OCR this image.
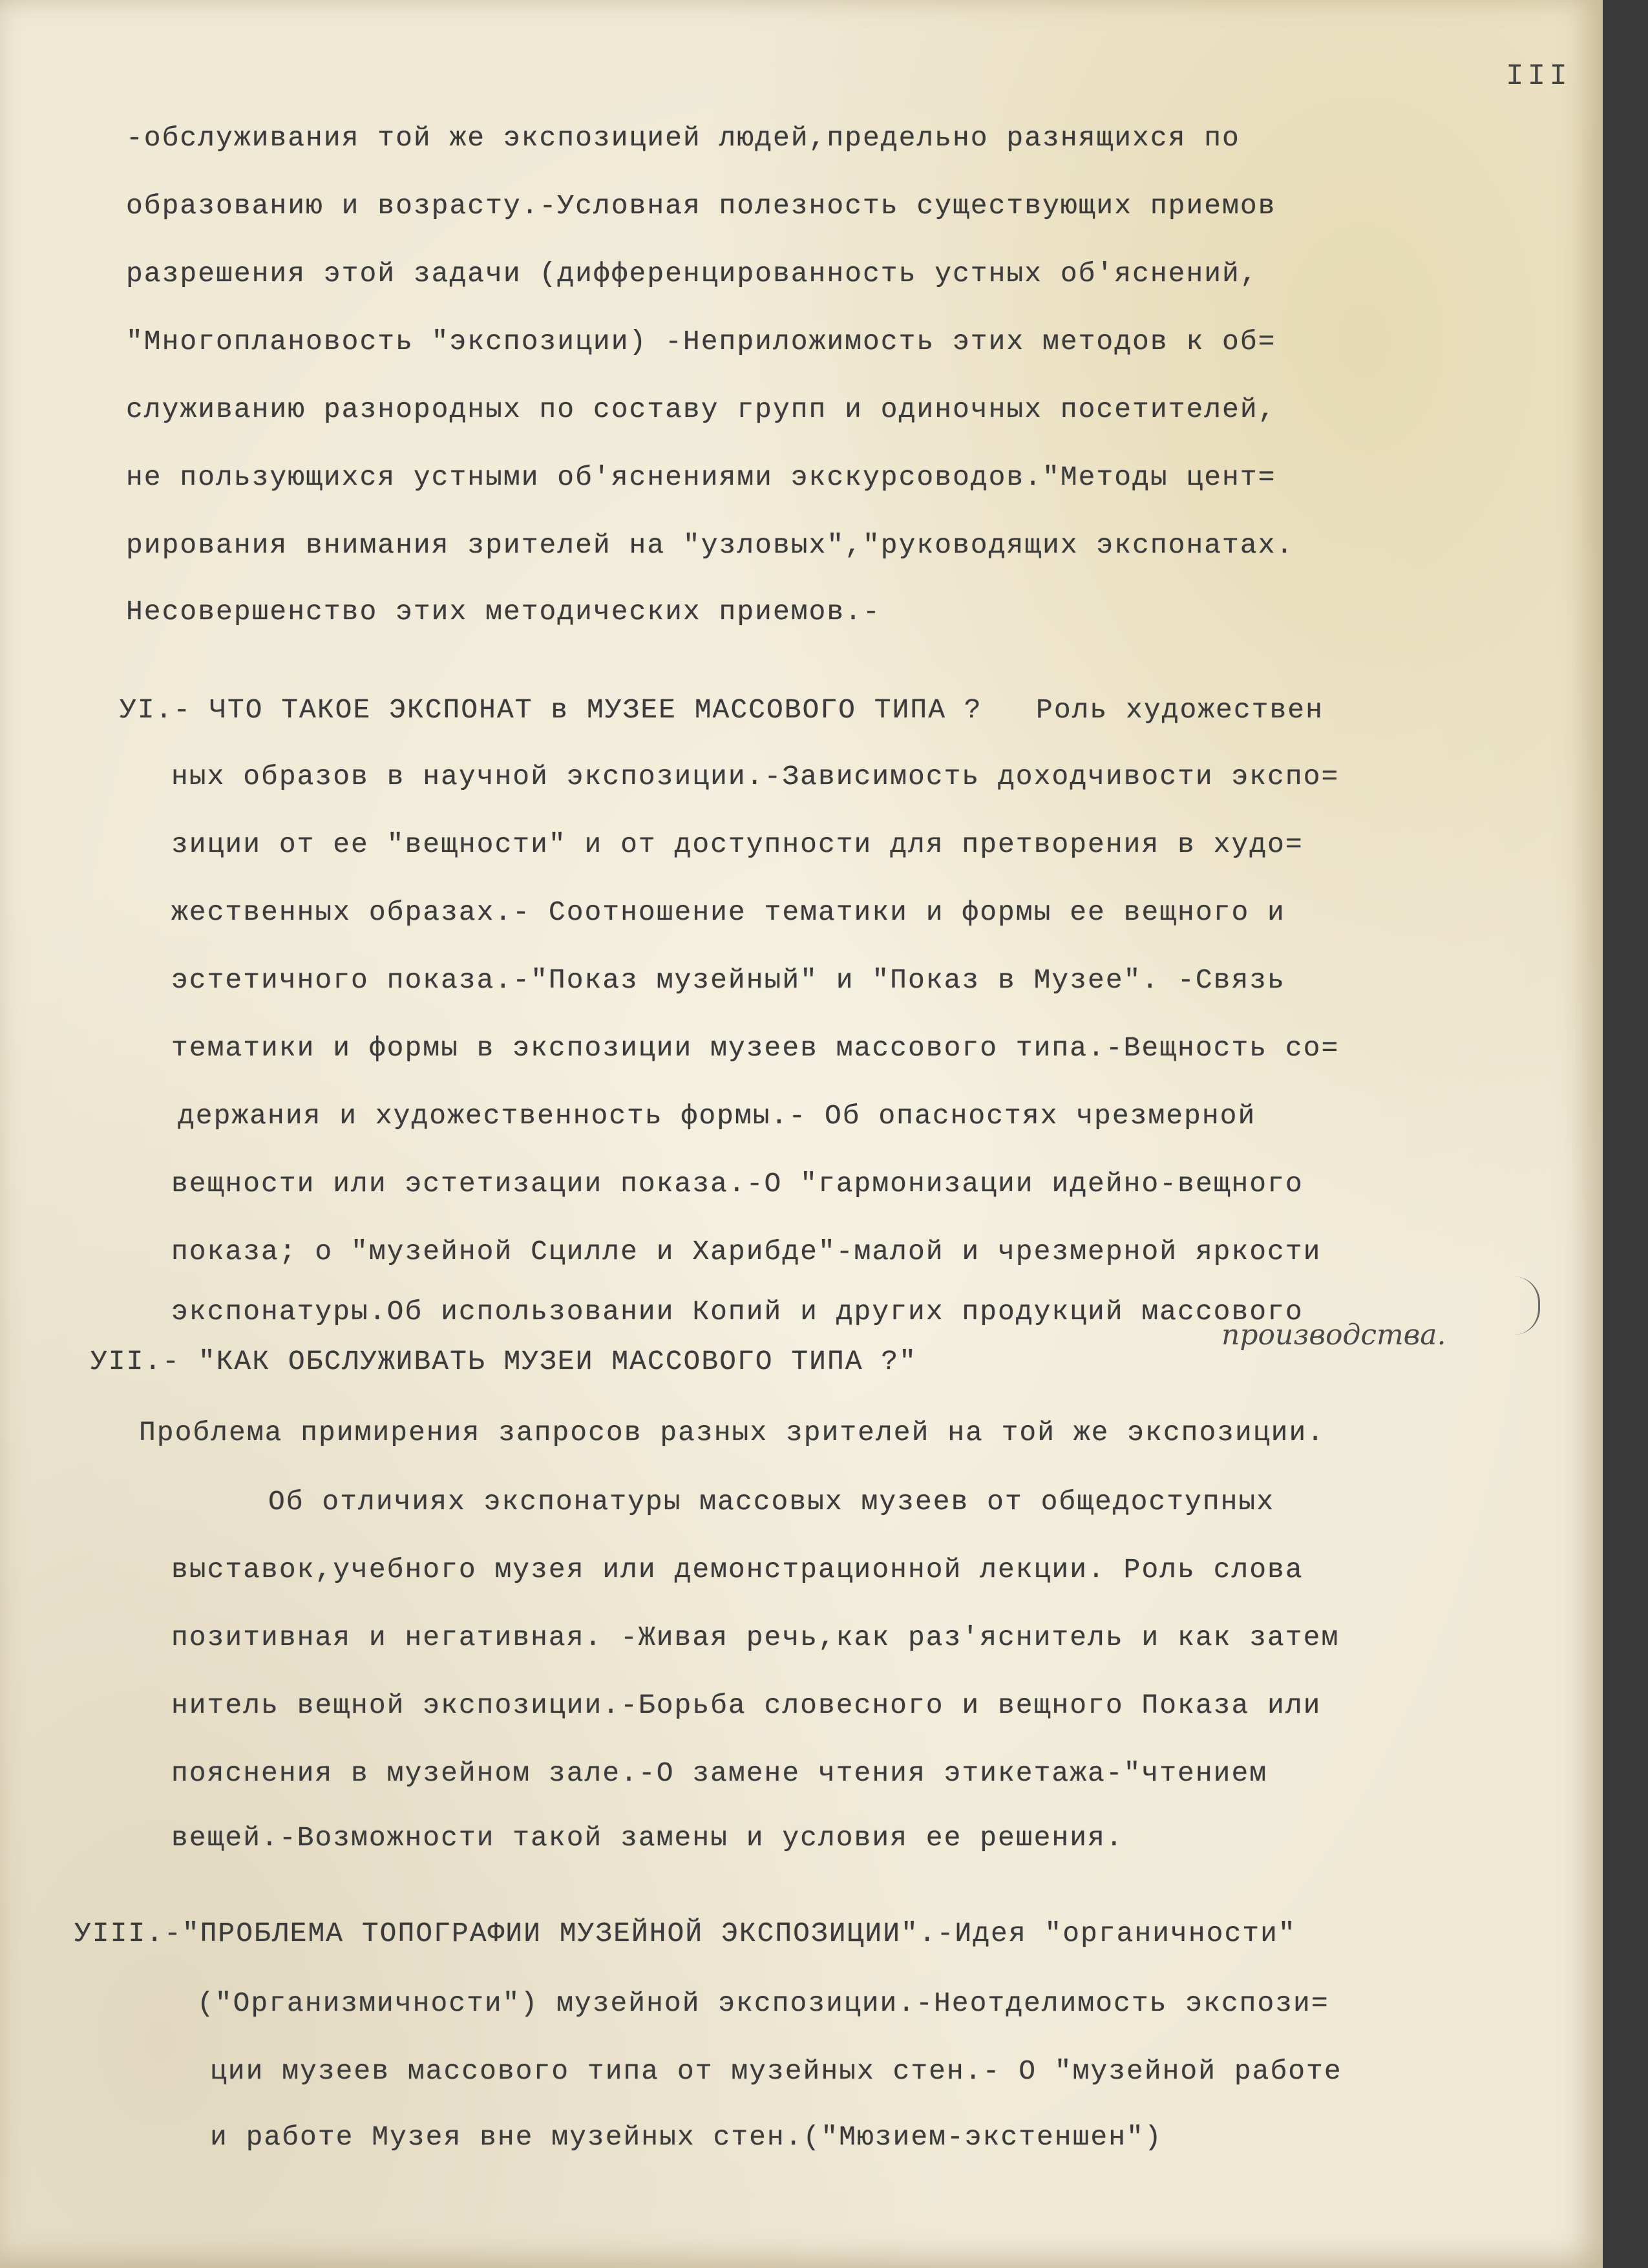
III
-обслуживания той же экспозицией людей,предельно разнящихся по
образованию и возрасту.-Условная полезность существующих приемов
разрешения этой задачи (дифференцированность устных об'яснений,
"Многоплановость "экспозиции) -Неприложимость этих методов к об=
служиванию разнородных по составу групп и одиночных посетителей,
не пользующихся устными об'яснениями экскурсоводов."Методы цент=
рирования внимания зрителей на "узловых","руководящих экспонатах.
Несовершенство этих методических приемов.-
УI.- ЧТО ТАКОЕ ЭКСПОНАТ в МУЗЕЕ МАССОВОГО ТИПА ?   Роль художествен
ных образов в научной экспозиции.-Зависимость доходчивости экспо=
зиции от ее "вещности" и от доступности для претворения в худо=
жественных образах.- Соотношение тематики и формы ее вещного и
эстетичного показа.-"Показ музейный" и "Показ в Музее". -Связь
тематики и формы в экспозиции музеев массового типа.-Вещность со=
держания и художественность формы.- Об опасностях чрезмерной
вещности или эстетизации показа.-О "гармонизации идейно-вещного
показа; о "музейной Сцилле и Харибде"-малой и чрезмерной яркости
экспонатуры.Об использовании Копий и других продукций массового
производства.
УII.- "КАК ОБСЛУЖИВАТЬ МУЗЕИ МАССОВОГО ТИПА ?"
Проблема примирения запросов разных зрителей на той же экспозиции.
Об отличиях экспонатуры массовых музеев от общедоступных
выставок,учебного музея или демонстрационной лекции. Роль слова
позитивная и негативная. -Живая речь,как раз'яснитель и как затем
нитель вещной экспозиции.-Борьба словесного и вещного Показа или
пояснения в музейном зале.-О замене чтения этикетажа-"чтением
вещей.-Возможности такой замены и условия ее решения.
УIII.-"ПРОБЛЕМА ТОПОГРАФИИ МУЗЕЙНОЙ ЭКСПОЗИЦИИ".-Идея "органичности"
("Организмичности") музейной экспозиции.-Неотделимость экспози=
ции музеев массового типа от музейных стен.- О "музейной работе
и работе Музея вне музейных стен.("Мюзием-экстеншен")
